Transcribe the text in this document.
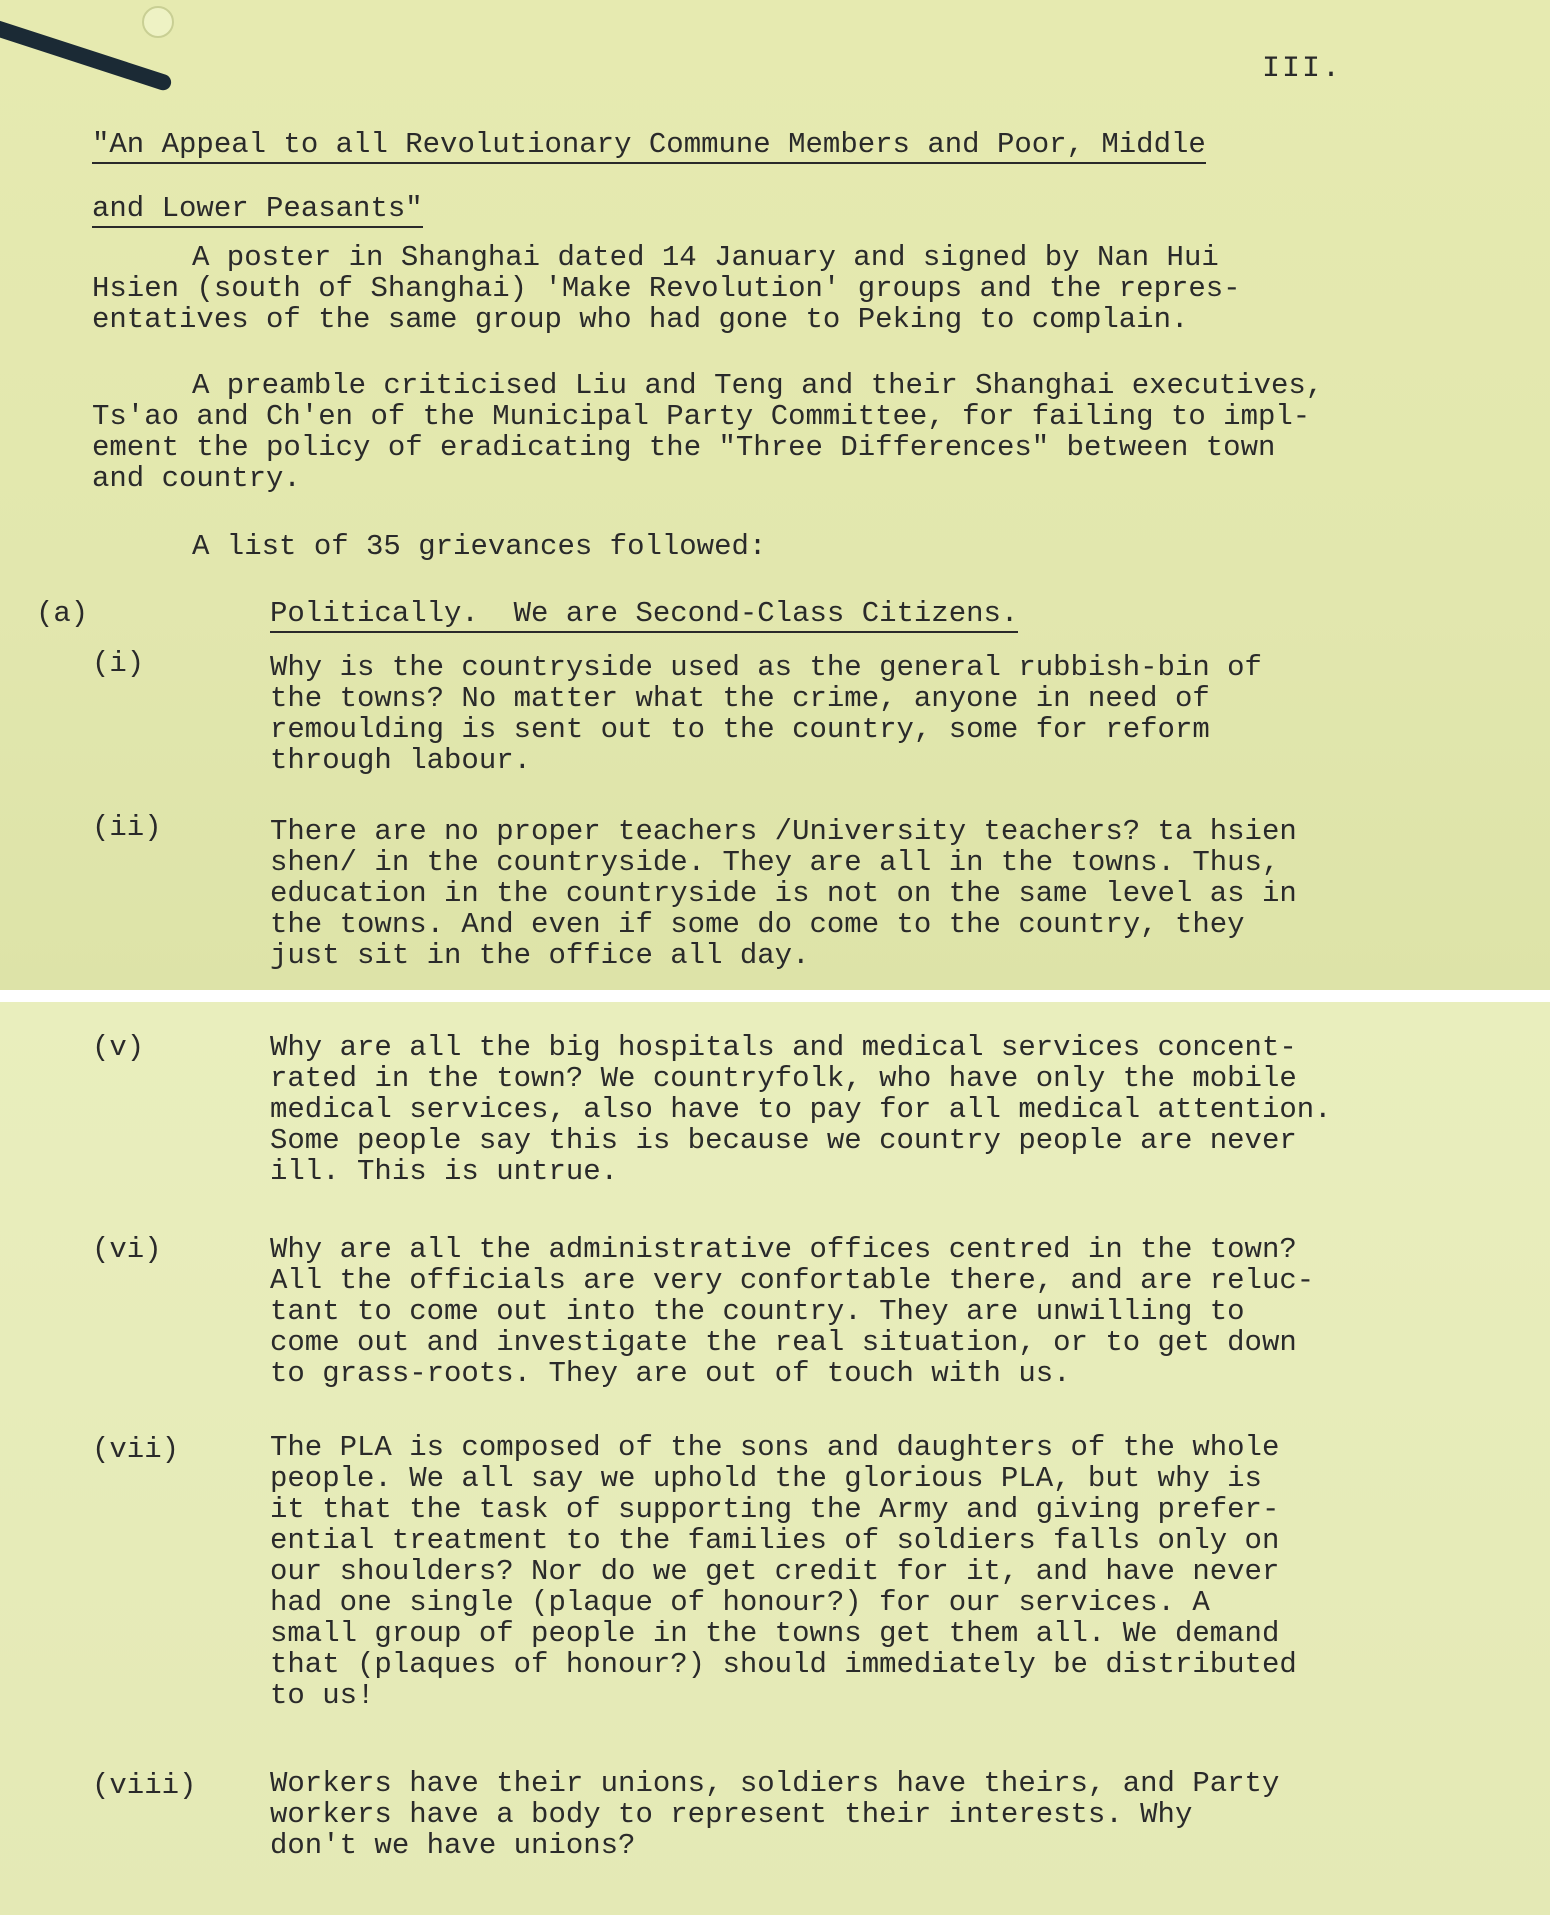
III.

"An Appeal to all Revolutionary Commune Members and Poor, Middle

and Lower Peasants"

A poster in Shanghai dated 14 January and signed by Nan Hui
Hsien (south of Shanghai) 'Make Revolution' groups and the repres-
entatives of the same group who had gone to Peking to complain.
A preamble criticised Liu and Teng and their Shanghai executives,
Ts'ao and Ch'en of the Municipal Party Committee, for failing to impl-
ement the policy of eradicating the "Three Differences" between town
and country.
A list of 35 grievances followed:
(a)	Politically.  We are Second-Class Citizens.
(i)	Why is the countryside used as the general rubbish-bin of
the towns? No matter what the crime, anyone in need of
remoulding is sent out to the country, some for reform
through labour.
(ii)	There are no proper teachers /University teachers? ta hsien
shen/ in the countryside. They are all in the towns. Thus,
education in the countryside is not on the same level as in
the towns. And even if some do come to the country, they
just sit in the office all day.
(v)	Why are all the big hospitals and medical services concent-
rated in the town? We countryfolk, who have only the mobile
medical services, also have to pay for all medical attention.
Some people say this is because we country people are never
ill. This is untrue.
(vi)	Why are all the administrative offices centred in the town?
All the officials are very confortable there, and are reluc-
tant to come out into the country. They are unwilling to
come out and investigate the real situation, or to get down
to grass-roots. They are out of touch with us.
(vii)	The PLA is composed of the sons and daughters of the whole
people. We all say we uphold the glorious PLA, but why is
it that the task of supporting the Army and giving prefer-
ential treatment to the families of soldiers falls only on
our shoulders? Nor do we get credit for it, and have never
had one single (plaque of honour?) for our services. A
small group of people in the towns get them all. We demand
that (plaques of honour?) should immediately be distributed
to us!
(viii)	Workers have their unions, soldiers have theirs, and Party
workers have a body to represent their interests. Why
don't we have unions?
